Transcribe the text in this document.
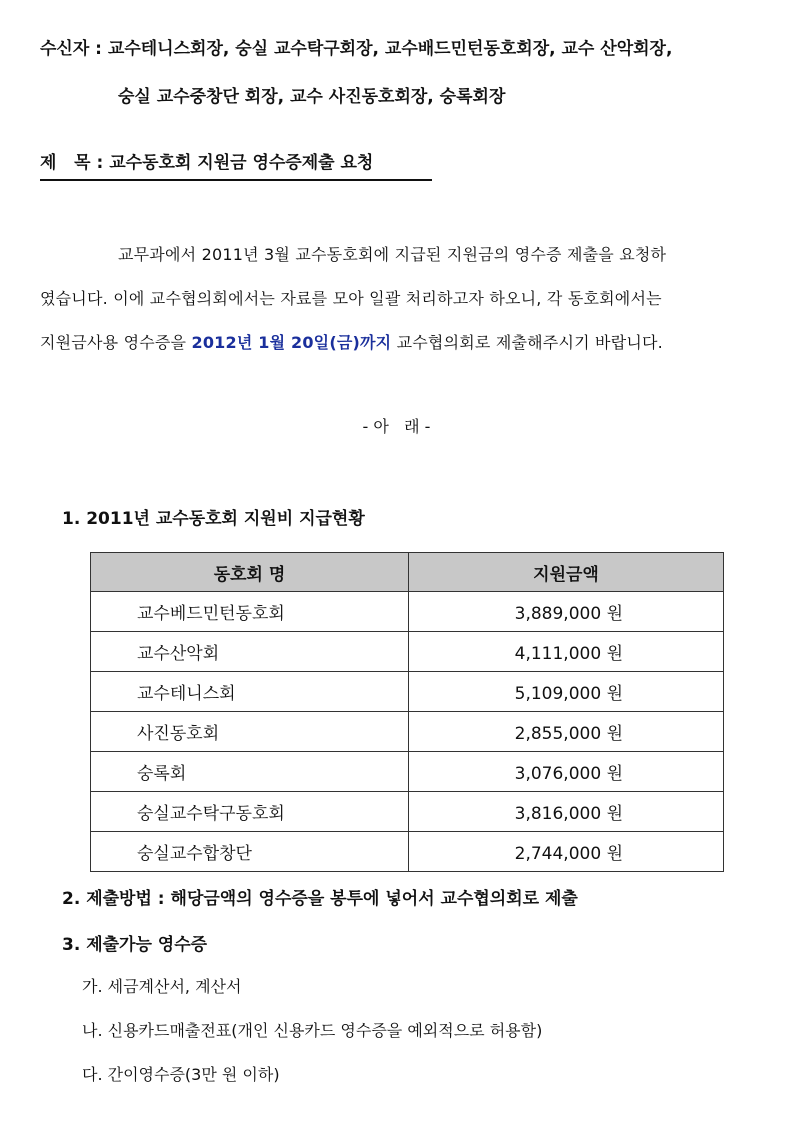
수신자 : 교수테니스회장, 숭실 교수탁구회장, 교수배드민턴동호회장, 교수 산악회장,
숭실 교수중창단 회장, 교수 사진동호회장, 숭록회장
제   목 : 교수동호회 지원금 영수증제출 요청
교무과에서 2011년 3월 교수동호회에 지급된 지원금의 영수증 제출을 요청하
였습니다. 이에 교수협의회에서는 자료를 모아 일괄 처리하고자 하오니, 각 동호회에서는
지원금사용 영수증을 2012년 1월 20일(금)까지 교수협의회로 제출해주시기 바랍니다.
- 아   래 -
1. 2011년 교수동호회 지원비 지급현황
동호회 명	지원금액
교수베드민턴동호회	3,889,000 원
교수산악회	4,111,000 원
교수테니스회	5,109,000 원
사진동호회	2,855,000 원
숭록회	3,076,000 원
숭실교수탁구동호회	3,816,000 원
숭실교수합창단	2,744,000 원
2. 제출방법 : 해당금액의 영수증을 봉투에 넣어서 교수협의회로 제출
3. 제출가능 영수증
가. 세금계산서, 계산서
나. 신용카드매출전표(개인 신용카드 영수증을 예외적으로 허용함)
다. 간이영수증(3만 원 이하)
